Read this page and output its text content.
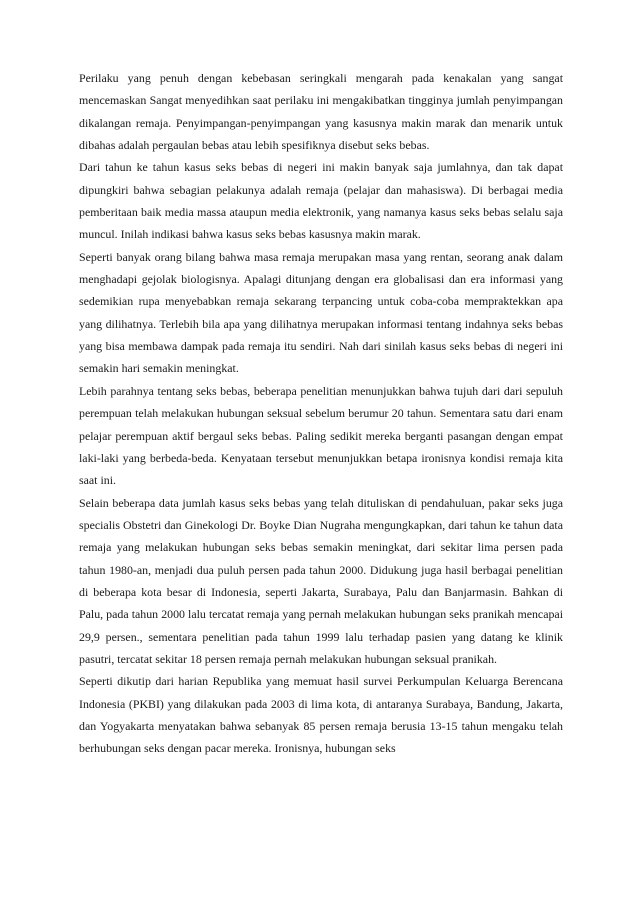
Perilaku yang penuh dengan kebebasan seringkali mengarah pada kenakalan yang sangat mencemaskan Sangat menyedihkan saat perilaku ini mengakibatkan tingginya jumlah penyimpangan dikalangan remaja. Penyimpangan-penyimpangan yang kasusnya makin marak dan menarik untuk dibahas adalah pergaulan bebas atau lebih spesifiknya disebut seks bebas.

Dari tahun ke tahun kasus seks bebas di negeri ini makin banyak saja jumlahnya, dan tak dapat dipungkiri bahwa sebagian pelakunya adalah remaja (pelajar dan mahasiswa). Di berbagai media pemberitaan baik media massa ataupun media elektronik, yang namanya kasus seks bebas selalu saja muncul. Inilah indikasi bahwa kasus seks bebas kasusnya makin marak.

Seperti banyak orang bilang bahwa masa remaja merupakan masa yang rentan, seorang anak dalam menghadapi gejolak biologisnya. Apalagi ditunjang dengan era globalisasi dan era informasi yang sedemikian rupa menyebabkan remaja sekarang terpancing untuk coba-coba mempraktekkan apa yang dilihatnya. Terlebih bila apa yang dilihatnya merupakan informasi tentang indahnya seks bebas yang bisa membawa dampak pada remaja itu sendiri. Nah dari sinilah kasus seks bebas di negeri ini semakin hari semakin meningkat.

Lebih parahnya tentang seks bebas, beberapa penelitian menunjukkan bahwa tujuh dari dari sepuluh perempuan telah melakukan hubungan seksual sebelum berumur 20 tahun. Sementara satu dari enam pelajar perempuan aktif bergaul seks bebas. Paling sedikit mereka berganti pasangan dengan empat laki-laki yang berbeda-beda. Kenyataan tersebut menunjukkan betapa ironisnya kondisi remaja kita saat ini.

Selain beberapa data jumlah kasus seks bebas yang telah dituliskan di pendahuluan, pakar seks juga specialis Obstetri dan Ginekologi Dr. Boyke Dian Nugraha mengungkapkan, dari tahun ke tahun data remaja yang melakukan hubungan seks bebas semakin meningkat, dari sekitar lima persen pada tahun 1980-an, menjadi dua puluh persen pada tahun 2000. Didukung juga hasil berbagai penelitian di beberapa kota besar di Indonesia, seperti Jakarta, Surabaya, Palu dan Banjarmasin. Bahkan di Palu, pada tahun 2000 lalu tercatat remaja yang pernah melakukan hubungan seks pranikah mencapai 29,9 persen., sementara penelitian pada tahun 1999 lalu terhadap pasien yang datang ke klinik pasutri, tercatat sekitar 18 persen remaja pernah melakukan hubungan seksual pranikah.

Seperti dikutip dari harian Republika yang memuat hasil survei Perkumpulan Keluarga Berencana Indonesia (PKBI) yang dilakukan pada 2003 di lima kota, di antaranya Surabaya, Bandung, Jakarta, dan Yogyakarta menyatakan bahwa sebanyak 85 persen remaja berusia 13-15 tahun mengaku telah berhubungan seks dengan pacar mereka. Ironisnya, hubungan seks
